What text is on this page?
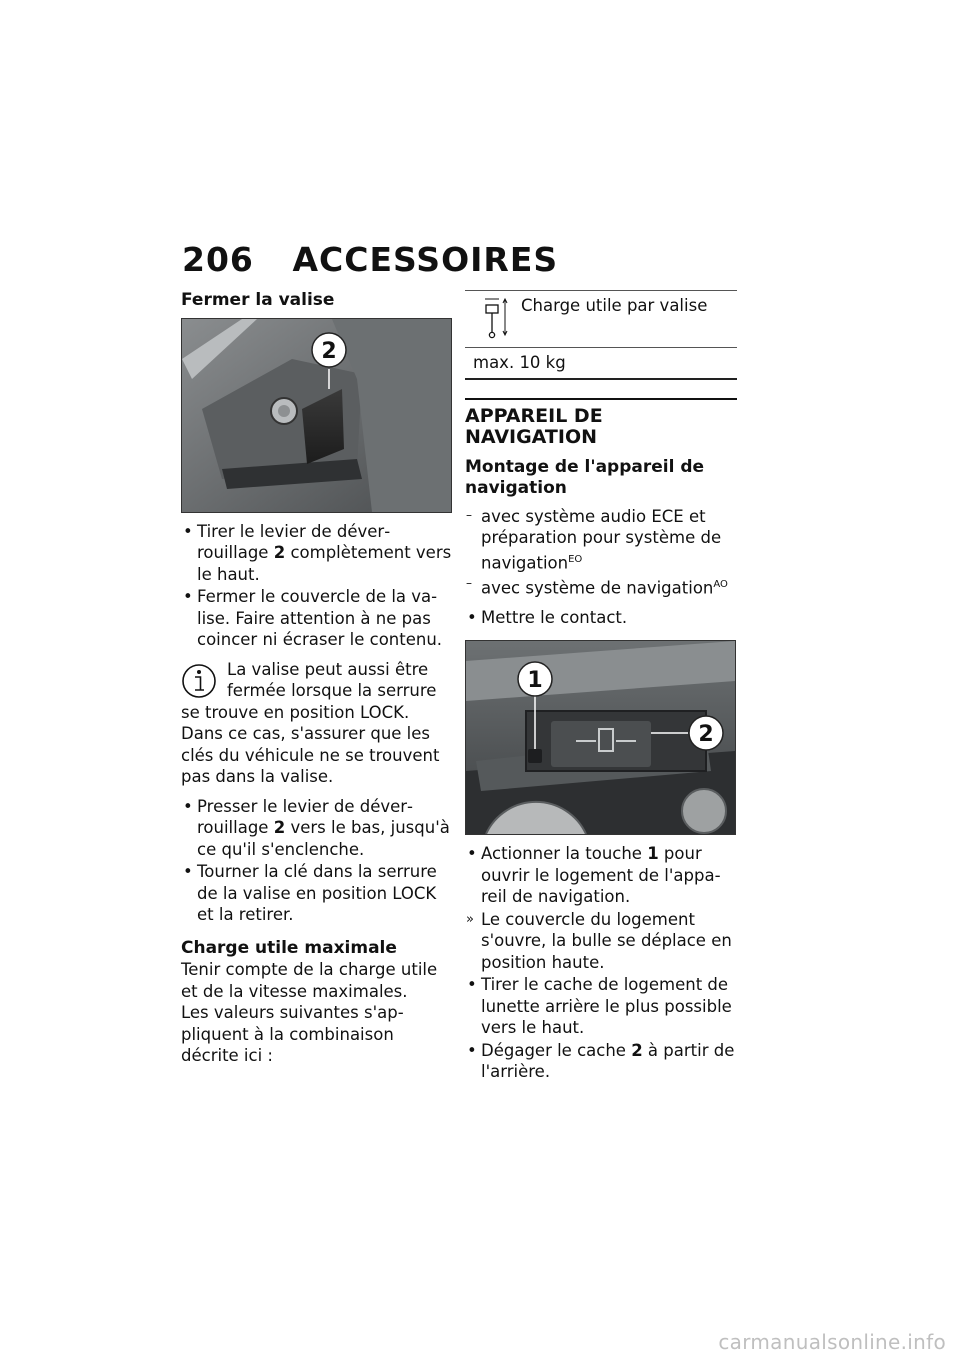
206 ACCESSOIRES
Fermer la valise
2
• Tirer le levier de déverrouillage 2 complètement vers le haut.
• Fermer le couvercle de la valise. Faire attention à ne pas coincer ni écraser le contenu.
La valise peut aussi être fermée lorsque la serrure
se trouve en position LOCK. Dans ce cas, s'assurer que les clés du véhicule ne se trouvent pas dans la valise.
• Presser le levier de déverrouillage 2 vers le bas, jusqu'à ce qu'il s'enclenche.
• Tourner la clé dans la serrure de la valise en position LOCK et la retirer.
Charge utile maximale
Tenir compte de la charge utile et de la vitesse maximales.
Les valeurs suivantes s'appliquent à la combinaison décrite ici :
Charge utile par valise

max. 10 kg
APPAREIL DE NAVIGATION
Montage de l'appareil de navigation
– avec système audio ECE et préparation pour système de navigation$^{EO}$
– avec système de navigation$^{AO}$
• Mettre le contact.
1
2
• Actionner la touche 1 pour ouvrir le logement de l'appareil de navigation.
» Le couvercle du logement s'ouvre, la bulle se déplace en position haute.
• Tirer le cache de logement de lunette arrière le plus possible vers le haut.
• Dégager le cache 2 à partir de l'arrière.
carmanualsonline.info
